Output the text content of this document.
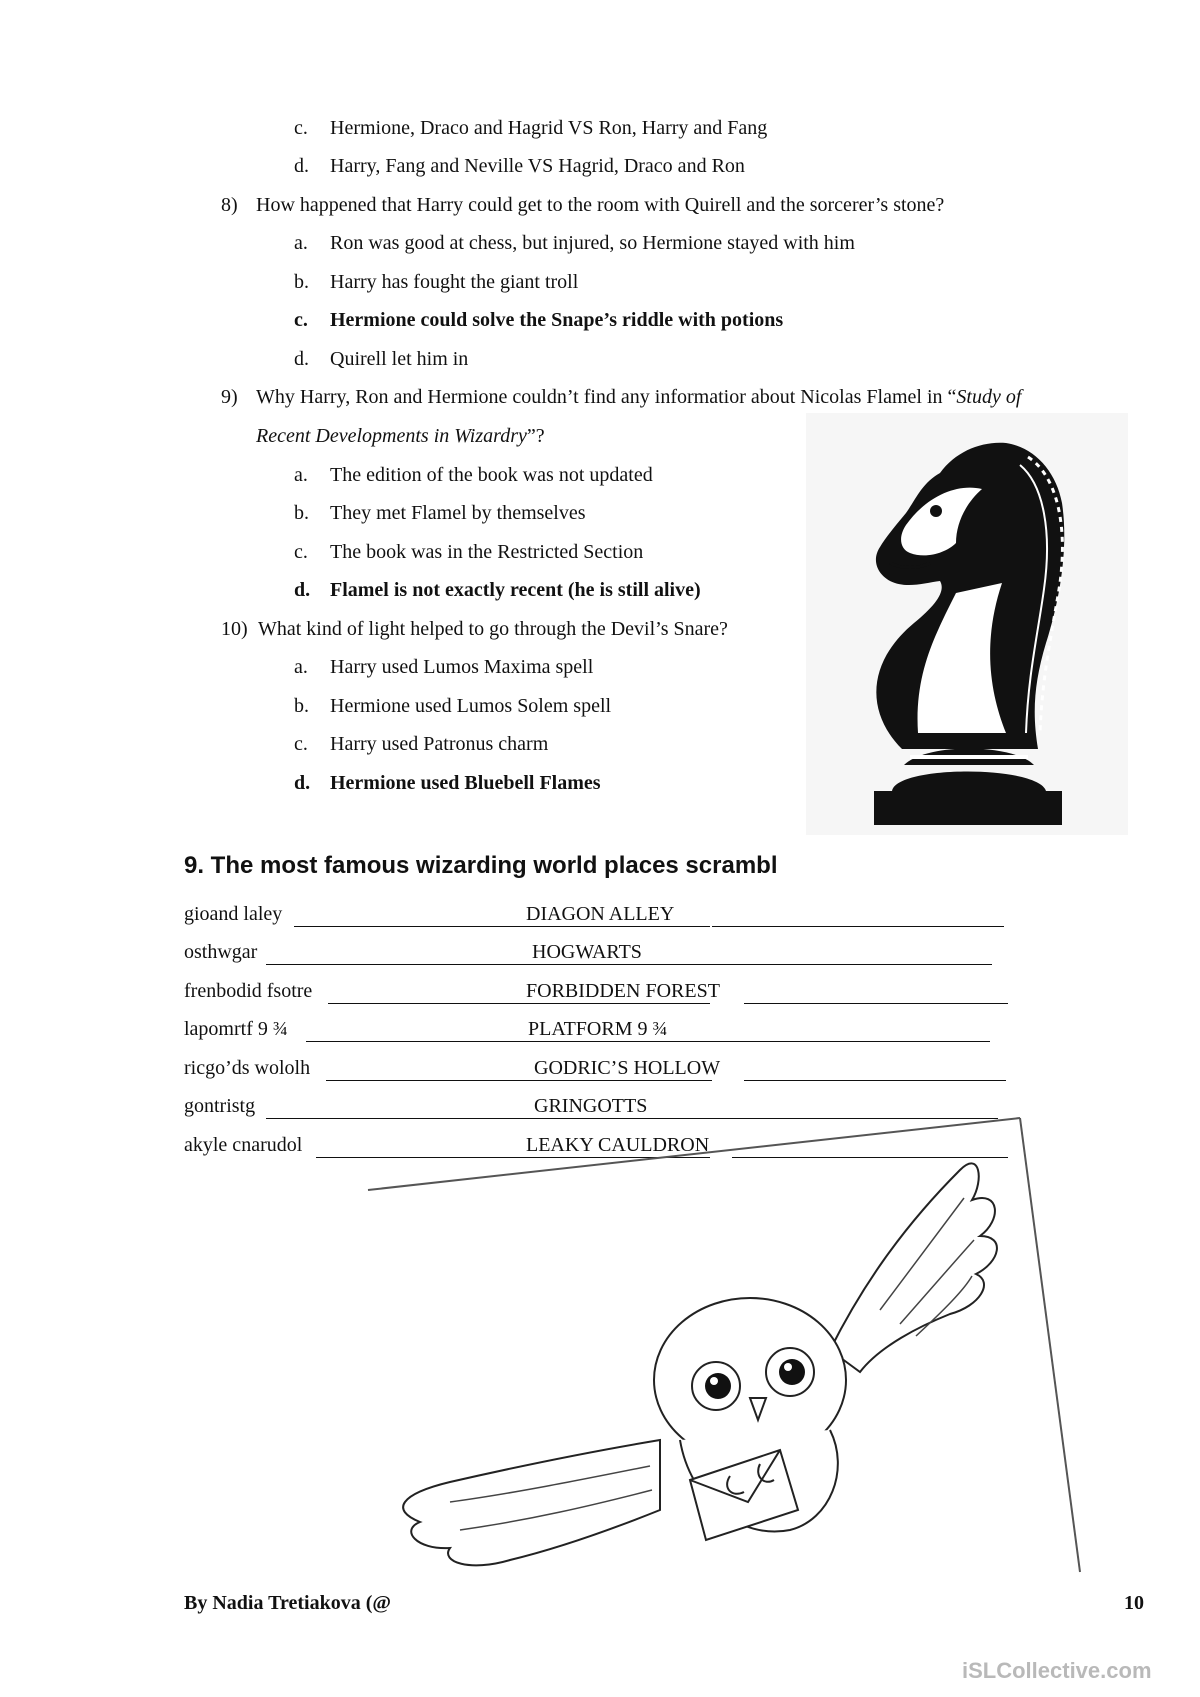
c. Hermione, Draco and Hagrid VS Ron, Harry and Fang
d. Harry, Fang and Neville VS Hagrid, Draco and Ron
8) How happened that Harry could get to the room with Quirell and the sorcerer’s stone?
a. Ron was good at chess, but injured, so Hermione stayed with him
b. Harry has fought the giant troll
c. Hermione could solve the Snape’s riddle with potions
d. Quirell let him in
9) Why Harry, Ron and Hermione couldn’t find any informatior about Nicolas Flamel in “Study of
Recent Developments in Wizardry”?
a. The edition of the book was not updated
b. They met Flamel by themselves
c. The book was in the Restricted Section
d. Flamel is not exactly recent (he is still alive)
10) What kind of light helped to go through the Devil’s Snare?
a. Harry used Lumos Maxima spell
b. Hermione used Lumos Solem spell
c. Harry used Patronus charm
d. Hermione used Bluebell Flames
9. The most famous wizarding world places scrambl
gioand laley	DIAGON ALLEY
osthwgar	HOGWARTS
frenbodid fsotre	FORBIDDEN FOREST
lapomrtf 9 ¾	PLATFORM 9 ¾
ricgo’ds wololh	GODRIC’S HOLLOW
gontristg	GRINGOTTS
akyle cnarudol	LEAKY CAULDRON
By Nadia Tretiakova (@	10
iSLCollective.com
